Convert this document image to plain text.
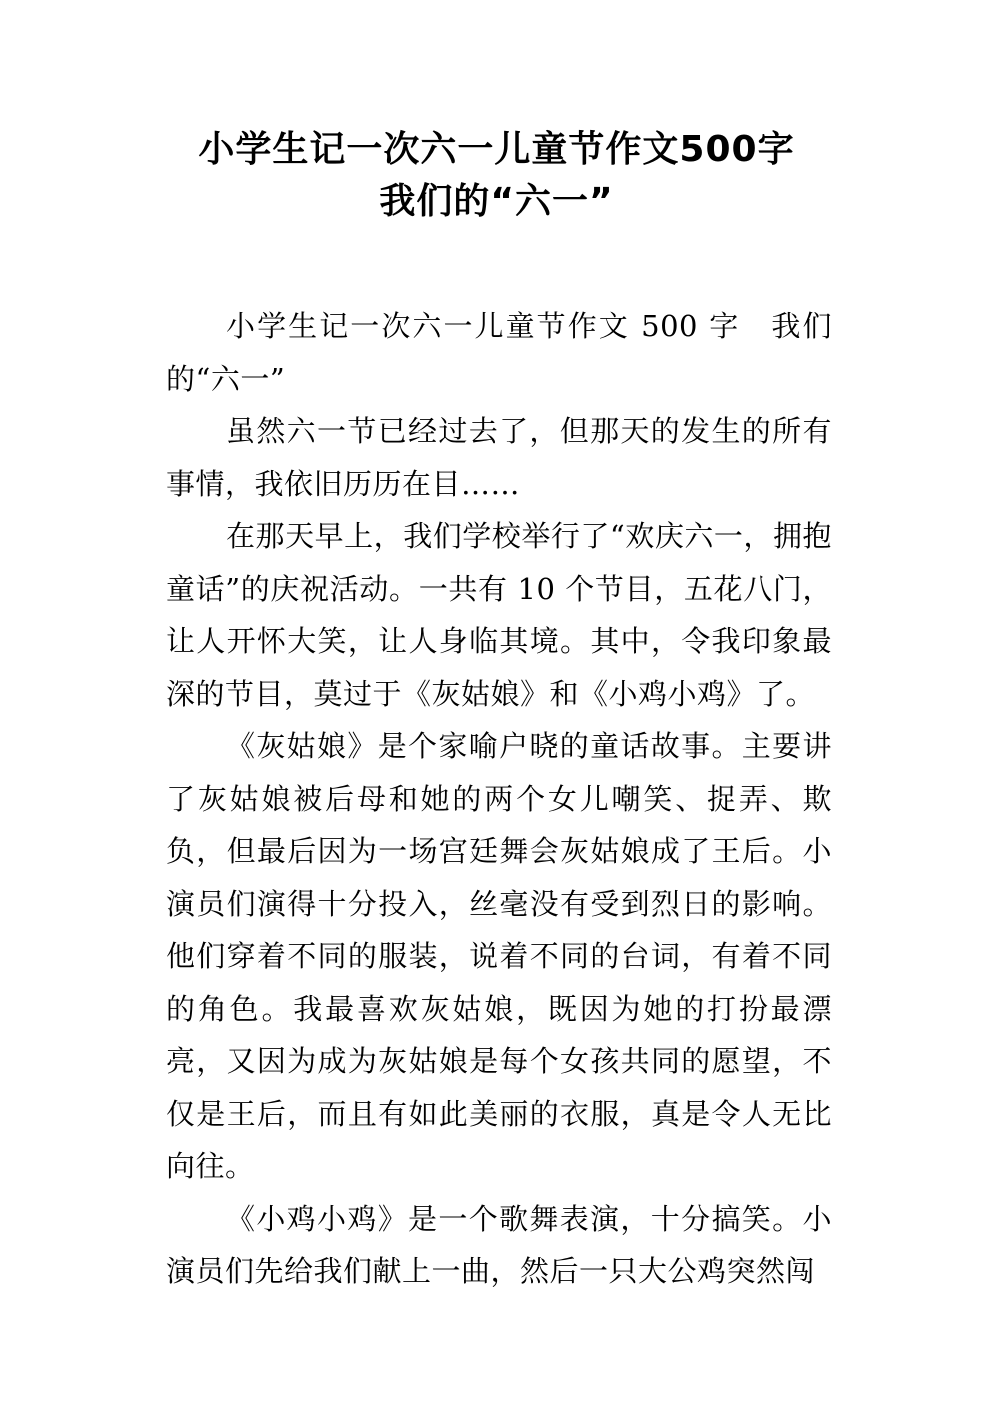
小学生记一次六一儿童节作文500字
我们的“六一”

小学生记一次六一儿童节作文 500 字　我们的“六一”

虽然六一节已经过去了，但那天的发生的所有事情，我依旧历历在目……

在那天早上，我们学校举行了“欢庆六一，拥抱童话”的庆祝活动。一共有 10 个节目，五花八门，让人开怀大笑，让人身临其境。其中，令我印象最深的节目，莫过于《灰姑娘》和《小鸡小鸡》了。

《灰姑娘》是个家喻户晓的童话故事。主要讲了灰姑娘被后母和她的两个女儿嘲笑、捉弄、欺负，但最后因为一场宫廷舞会灰姑娘成了王后。小演员们演得十分投入，丝毫没有受到烈日的影响。他们穿着不同的服装，说着不同的台词，有着不同的角色。我最喜欢灰姑娘，既因为她的打扮最漂亮，又因为成为灰姑娘是每个女孩共同的愿望，不仅是王后，而且有如此美丽的衣服，真是令人无比向往。

《小鸡小鸡》是一个歌舞表演，十分搞笑。小演员们先给我们献上一曲，然后一只大公鸡突然闯
